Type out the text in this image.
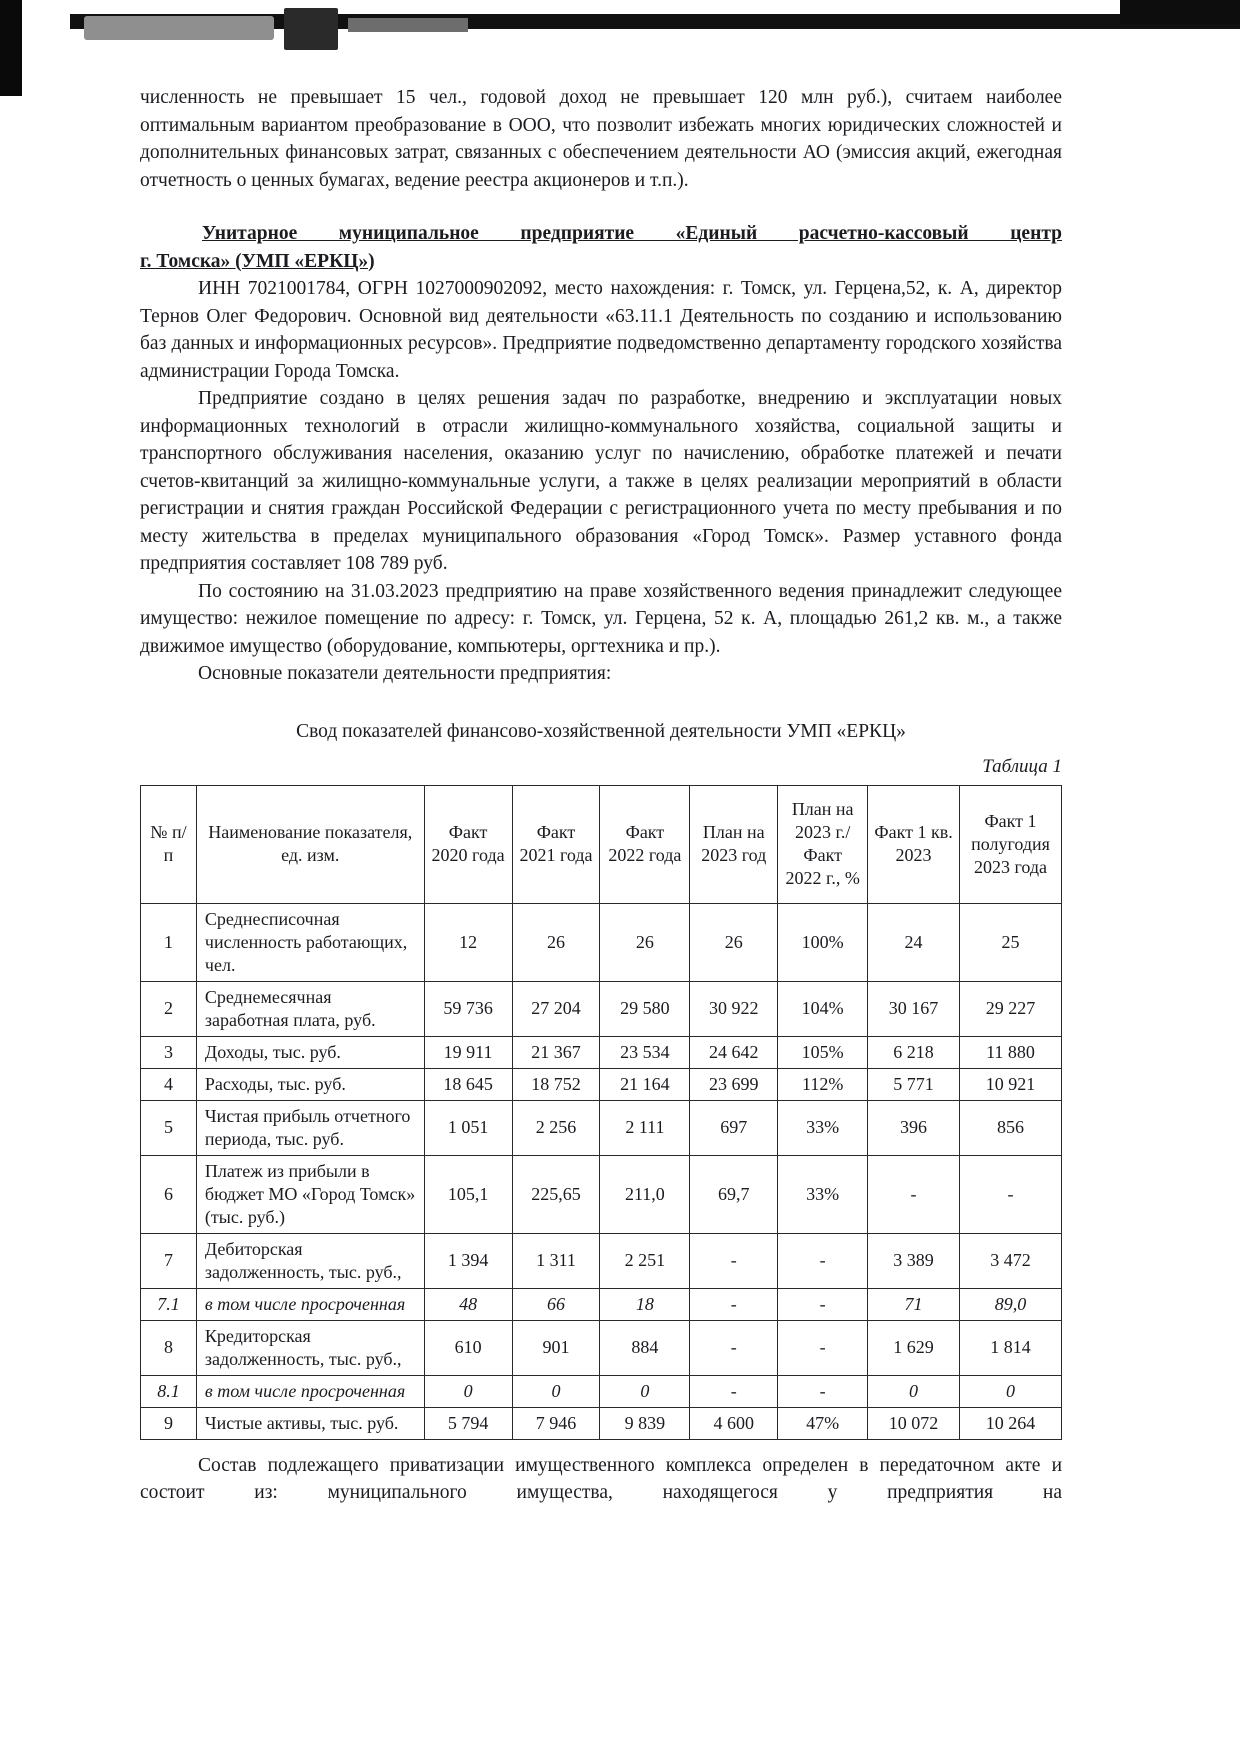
численность не превышает 15 чел., годовой доход не превышает 120 млн руб.), считаем наиболее оптимальным вариантом преобразование в ООО, что позволит избежать многих юридических сложностей и дополнительных финансовых затрат, связанных с обеспечением деятельности АО (эмиссия акций, ежегодная отчетность о ценных бумагах, ведение реестра акционеров и т.п.).

Унитарное муниципальное предприятие «Единый расчетно-кассовый центр
г. Томска» (УМП «ЕРКЦ»)

ИНН 7021001784, ОГРН 1027000902092, место нахождения: г. Томск, ул. Герцена,52, к. А, директор Тернов Олег Федорович. Основной вид деятельности «63.11.1 Деятельность по созданию и использованию баз данных и информационных ресурсов». Предприятие подведомственно департаменту городского хозяйства администрации Города Томска.

Предприятие создано в целях решения задач по разработке, внедрению и эксплуатации новых информационных технологий в отрасли жилищно-коммунального хозяйства, социальной защиты и транспортного обслуживания населения, оказанию услуг по начислению, обработке платежей и печати счетов-квитанций за жилищно-коммунальные услуги, а также в целях реализации мероприятий в области регистрации и снятия граждан Российской Федерации с регистрационного учета по месту пребывания и по месту жительства в пределах муниципального образования «Город Томск». Размер уставного фонда предприятия составляет 108 789 руб.

По состоянию на 31.03.2023 предприятию на праве хозяйственного ведения принадлежит следующее имущество: нежилое помещение по адресу: г. Томск, ул. Герцена, 52 к. А, площадью 261,2 кв. м., а также движимое имущество (оборудование, компьютеры, оргтехника и пр.).

Основные показатели деятельности предприятия:

Свод показателей финансово-хозяйственной деятельности УМП «ЕРКЦ»

Таблица 1

№ п/п	Наименование показателя, ед. изм.	Факт 2020 года	Факт 2021 года	Факт 2022 года	План на 2023 год	План на 2023 г./ Факт 2022 г., %	Факт 1 кв. 2023	Факт 1 полугодия 2023 года
1	Среднесписочная численность работающих, чел.	12	26	26	26	100%	24	25
2	Среднемесячная заработная плата, руб.	59 736	27 204	29 580	30 922	104%	30 167	29 227
3	Доходы, тыс. руб.	19 911	21 367	23 534	24 642	105%	6 218	11 880
4	Расходы, тыс. руб.	18 645	18 752	21 164	23 699	112%	5 771	10 921
5	Чистая прибыль отчетного периода, тыс. руб.	1 051	2 256	2 111	697	33%	396	856
6	Платеж из прибыли в бюджет МО «Город Томск» (тыс. руб.)	105,1	225,65	211,0	69,7	33%	-	-
7	Дебиторская задолженность, тыс. руб.,	1 394	1 311	2 251	-	-	3 389	3 472
7.1	в том числе просроченная	48	66	18	-	-	71	89,0
8	Кредиторская задолженность, тыс. руб.,	610	901	884	-	-	1 629	1 814
8.1	в том числе просроченная	0	0	0	-	-	0	0
9	Чистые активы, тыс. руб.	5 794	7 946	9 839	4 600	47%	10 072	10 264

Состав подлежащего приватизации имущественного комплекса определен в передаточном акте и состоит из: муниципального имущества, находящегося у предприятия на
